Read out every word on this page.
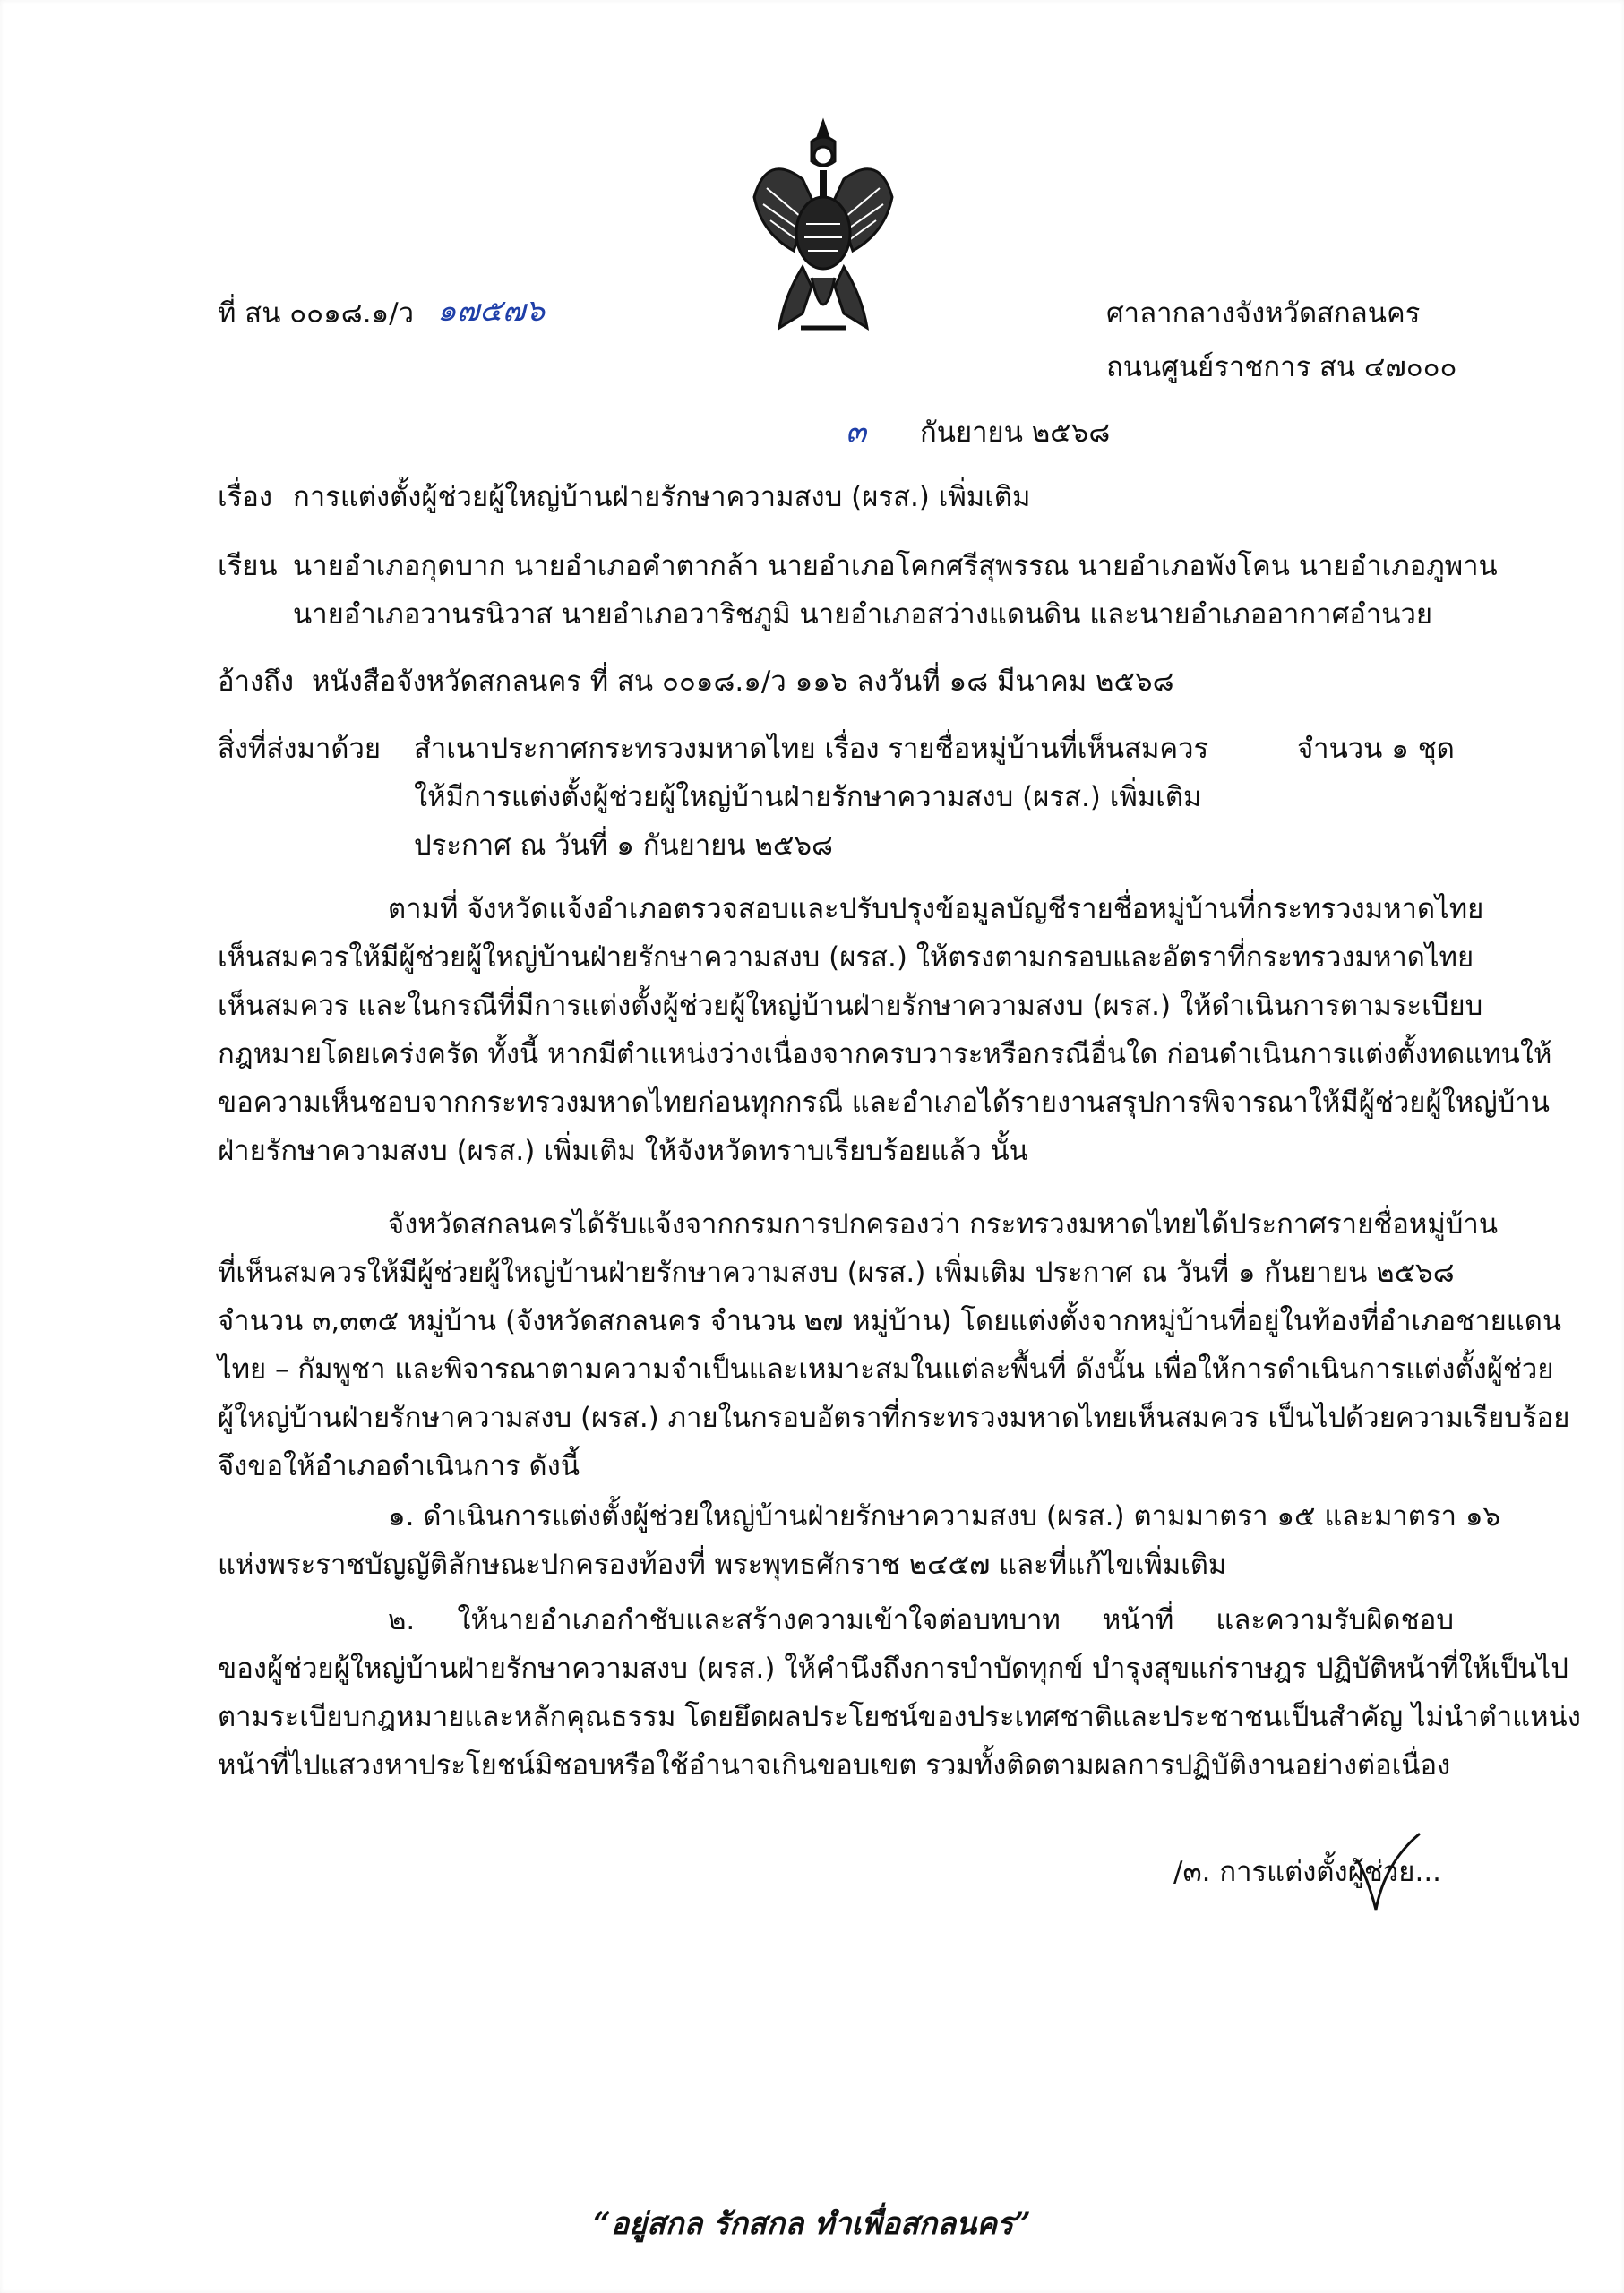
ที่ สน ๐๐๑๘.๑/ว ๑๗๕๗๖	ศาลากลางจังหวัดสกลนคร
ถนนศูนย์ราชการ สน ๔๗๐๐๐
๓ กันยายน ๒๕๖๘
เรื่อง การแต่งตั้งผู้ช่วยผู้ใหญ่บ้านฝ่ายรักษาความสงบ (ผรส.) เพิ่มเติม
เรียน นายอำเภอกุดบาก นายอำเภอคำตากล้า นายอำเภอโคกศรีสุพรรณ นายอำเภอพังโคน นายอำเภอภูพาน
นายอำเภอวานรนิวาส นายอำเภอวาริชภูมิ นายอำเภอสว่างแดนดิน และนายอำเภออากาศอำนวย
อ้างถึง หนังสือจังหวัดสกลนคร ที่ สน ๐๐๑๘.๑/ว ๑๑๖ ลงวันที่ ๑๘ มีนาคม ๒๕๖๘
สิ่งที่ส่งมาด้วย สำเนาประกาศกระทรวงมหาดไทย เรื่อง รายชื่อหมู่บ้านที่เห็นสมควร
ให้มีการแต่งตั้งผู้ช่วยผู้ใหญ่บ้านฝ่ายรักษาความสงบ (ผรส.) เพิ่มเติม
ประกาศ ณ วันที่ ๑ กันยายน ๒๕๖๘
จำนวน ๑ ชุด
ตามที่ จังหวัดแจ้งอำเภอตรวจสอบและปรับปรุงข้อมูลบัญชีรายชื่อหมู่บ้านที่กระทรวงมหาดไทย
เห็นสมควรให้มีผู้ช่วยผู้ใหญ่บ้านฝ่ายรักษาความสงบ (ผรส.) ให้ตรงตามกรอบและอัตราที่กระทรวงมหาดไทย
เห็นสมควร และในกรณีที่มีการแต่งตั้งผู้ช่วยผู้ใหญ่บ้านฝ่ายรักษาความสงบ (ผรส.) ให้ดำเนินการตามระเบียบ
กฎหมายโดยเคร่งครัด ทั้งนี้ หากมีตำแหน่งว่างเนื่องจากครบวาระหรือกรณีอื่นใด ก่อนดำเนินการแต่งตั้งทดแทนให้
ขอความเห็นชอบจากกระทรวงมหาดไทยก่อนทุกกรณี และอำเภอได้รายงานสรุปการพิจารณาให้มีผู้ช่วยผู้ใหญ่บ้าน
ฝ่ายรักษาความสงบ (ผรส.) เพิ่มเติม ให้จังหวัดทราบเรียบร้อยแล้ว นั้น
จังหวัดสกลนครได้รับแจ้งจากกรมการปกครองว่า กระทรวงมหาดไทยได้ประกาศรายชื่อหมู่บ้าน
ที่เห็นสมควรให้มีผู้ช่วยผู้ใหญ่บ้านฝ่ายรักษาความสงบ (ผรส.) เพิ่มเติม ประกาศ ณ วันที่ ๑ กันยายน ๒๕๖๘
จำนวน ๓,๓๓๕ หมู่บ้าน (จังหวัดสกลนคร จำนวน ๒๗ หมู่บ้าน) โดยแต่งตั้งจากหมู่บ้านที่อยู่ในท้องที่อำเภอชายแดน
ไทย – กัมพูชา และพิจารณาตามความจำเป็นและเหมาะสมในแต่ละพื้นที่ ดังนั้น เพื่อให้การดำเนินการแต่งตั้งผู้ช่วย
ผู้ใหญ่บ้านฝ่ายรักษาความสงบ (ผรส.) ภายในกรอบอัตราที่กระทรวงมหาดไทยเห็นสมควร เป็นไปด้วยความเรียบร้อย
จึงขอให้อำเภอดำเนินการ ดังนี้
๑. ดำเนินการแต่งตั้งผู้ช่วยใหญ่บ้านฝ่ายรักษาความสงบ (ผรส.) ตามมาตรา ๑๕ และมาตรา ๑๖
แห่งพระราชบัญญัติลักษณะปกครองท้องที่ พระพุทธศักราช ๒๔๕๗ และที่แก้ไขเพิ่มเติม
๒. ให้นายอำเภอกำชับและสร้างความเข้าใจต่อบทบาท หน้าที่ และความรับผิดชอบ
ของผู้ช่วยผู้ใหญ่บ้านฝ่ายรักษาความสงบ (ผรส.) ให้คำนึงถึงการบำบัดทุกข์ บำรุงสุขแก่ราษฎร ปฏิบัติหน้าที่ให้เป็นไป
ตามระเบียบกฎหมายและหลักคุณธรรม โดยยึดผลประโยชน์ของประเทศชาติและประชาชนเป็นสำคัญ ไม่นำตำแหน่ง
หน้าที่ไปแสวงหาประโยชน์มิชอบหรือใช้อำนาจเกินขอบเขต รวมทั้งติดตามผลการปฏิบัติงานอย่างต่อเนื่อง
/๓. การแต่งตั้งผู้ช่วย...
“อยู่สกล รักสกล ทำเพื่อสกลนคร”
